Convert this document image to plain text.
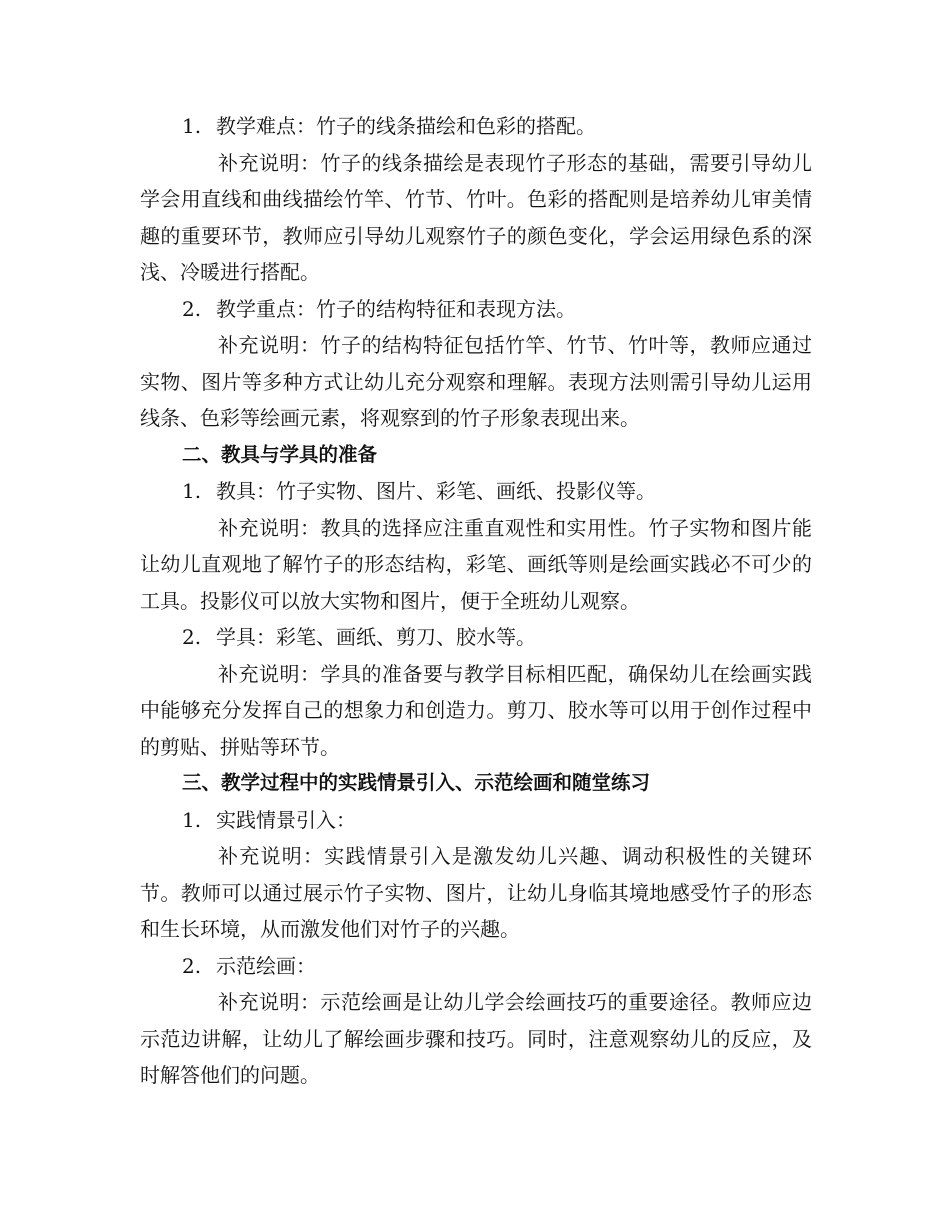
1. 教学难点：竹子的线条描绘和色彩的搭配。

补充说明：竹子的线条描绘是表现竹子形态的基础，需要引导幼儿学会用直线和曲线描绘竹竿、竹节、竹叶。色彩的搭配则是培养幼儿审美情趣的重要环节，教师应引导幼儿观察竹子的颜色变化，学会运用绿色系的深浅、冷暖进行搭配。

2. 教学重点：竹子的结构特征和表现方法。

补充说明：竹子的结构特征包括竹竿、竹节、竹叶等，教师应通过实物、图片等多种方式让幼儿充分观察和理解。表现方法则需引导幼儿运用线条、色彩等绘画元素，将观察到的竹子形象表现出来。

二、教具与学具的准备

1. 教具：竹子实物、图片、彩笔、画纸、投影仪等。

补充说明：教具的选择应注重直观性和实用性。竹子实物和图片能让幼儿直观地了解竹子的形态结构，彩笔、画纸等则是绘画实践必不可少的工具。投影仪可以放大实物和图片，便于全班幼儿观察。

2. 学具：彩笔、画纸、剪刀、胶水等。

补充说明：学具的准备要与教学目标相匹配，确保幼儿在绘画实践中能够充分发挥自己的想象力和创造力。剪刀、胶水等可以用于创作过程中的剪贴、拼贴等环节。

三、教学过程中的实践情景引入、示范绘画和随堂练习

1. 实践情景引入：

补充说明：实践情景引入是激发幼儿兴趣、调动积极性的关键环节。教师可以通过展示竹子实物、图片，让幼儿身临其境地感受竹子的形态和生长环境，从而激发他们对竹子的兴趣。

2. 示范绘画：

补充说明：示范绘画是让幼儿学会绘画技巧的重要途径。教师应边示范边讲解，让幼儿了解绘画步骤和技巧。同时，注意观察幼儿的反应，及时解答他们的问题。
